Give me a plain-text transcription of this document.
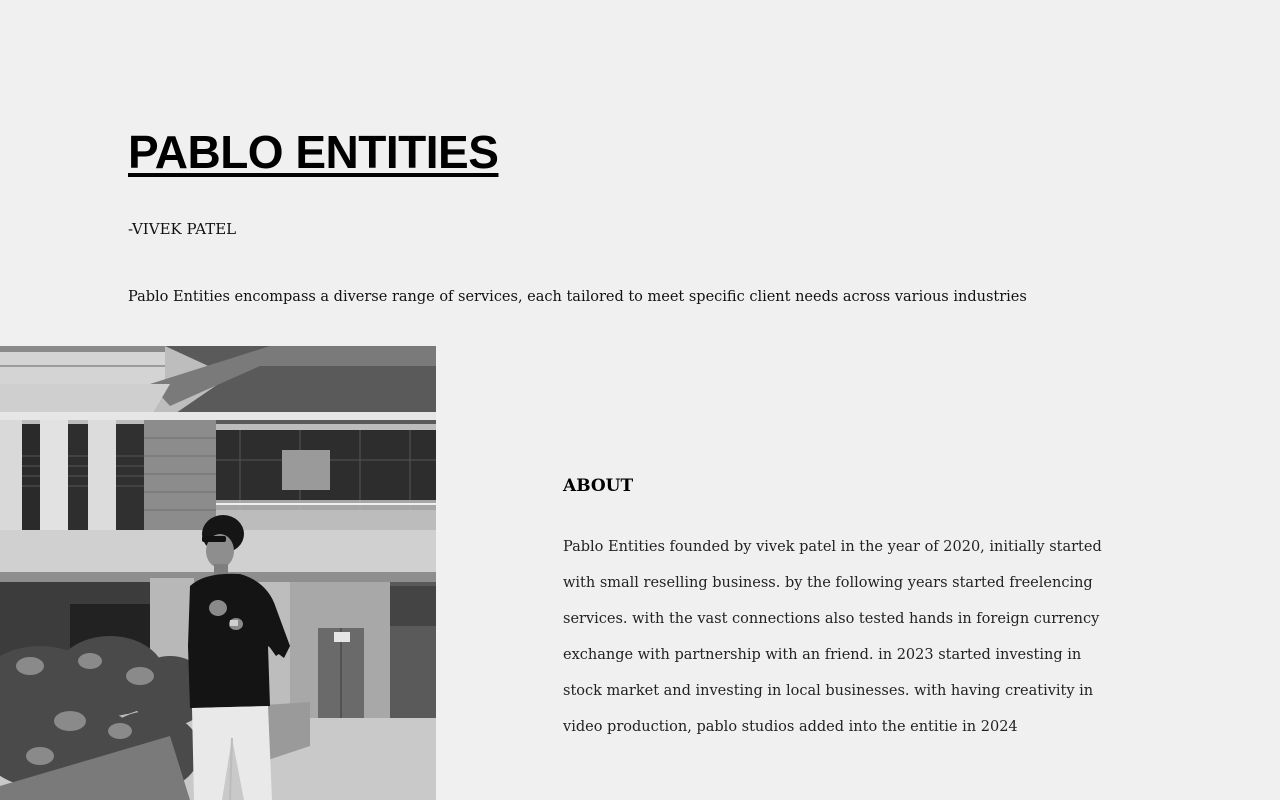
PABLO ENTITIES
-VIVEK PATEL
Pablo Entities encompass a diverse range of services, each tailored to meet specific client needs across various industries
ABOUT

Pablo Entities founded by vivek patel in the year of 2020, initially started
with small reselling business. by the following years started freelencing
services. with the vast connections also tested hands in foreign currency
exchange with partnership with an friend. in 2023 started investing in
stock market and investing in local businesses. with having creativity in
video production, pablo studios added into the entitie in 2024
